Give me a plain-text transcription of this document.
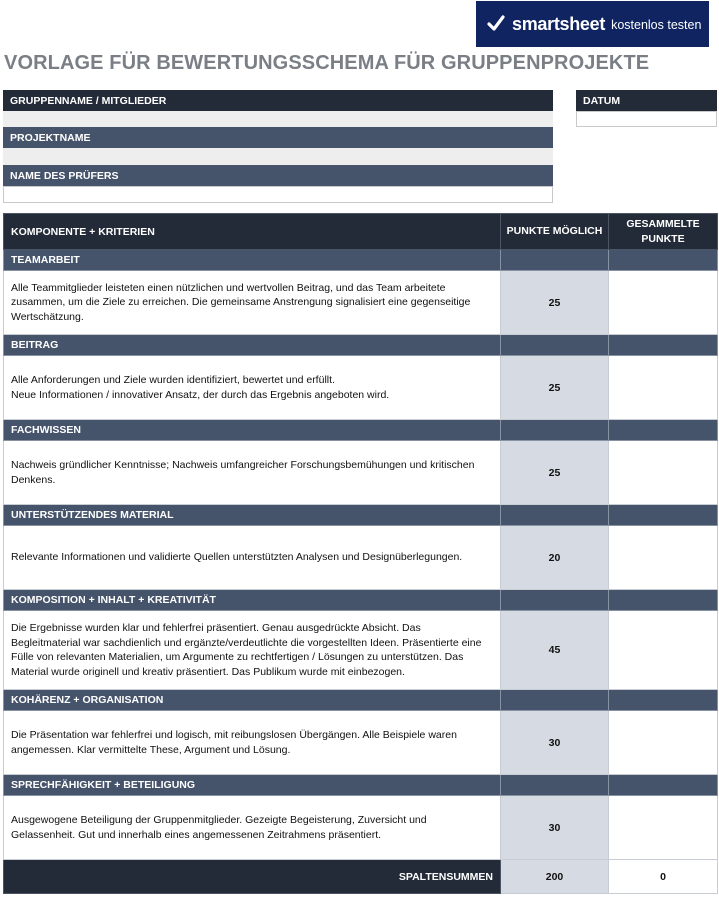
smartsheet kostenlos testen
VORLAGE FÜR BEWERTUNGSSCHEMA FÜR GRUPPENPROJEKTE
GRUPPENNAME / MITGLIEDER
PROJEKTNAME
NAME DES PRÜFERS
DATUM
KOMPONENTE + KRITERIEN	PUNKTE MÖGLICH	GESAMMELTE PUNKTE
TEAMARBEIT		
Alle Teammitglieder leisteten einen nützlichen und wertvollen Beitrag, und das Team arbeitete zusammen, um die Ziele zu erreichen. Die gemeinsame Anstrengung signalisiert eine gegenseitige Wertschätzung.	25	
BEITRAG		

Alle Anforderungen und Ziele wurden identifiziert, bewertet und erfüllt.
Neue Informationen / innovativer Ansatz, der durch das Ergebnis angeboten wird.	25	
FACHWISSEN		
Nachweis gründlicher Kenntnisse; Nachweis umfangreicher Forschungsbemühungen und kritischen Denkens.	25	
UNTERSTÜTZENDES MATERIAL		
Relevante Informationen und validierte Quellen unterstützten Analysen und Designüberlegungen.	20	
KOMPOSITION + INHALT + KREATIVITÄT		
Die Ergebnisse wurden klar und fehlerfrei präsentiert. Genau ausgedrückte Absicht. Das Begleitmaterial war sachdienlich und ergänzte/verdeutlichte die vorgestellten Ideen. Präsentierte eine Fülle von relevanten Materialien, um Argumente zu rechtfertigen / Lösungen zu unterstützen. Das Material wurde originell und kreativ präsentiert. Das Publikum wurde mit einbezogen.	45	
KOHÄRENZ + ORGANISATION		
Die Präsentation war fehlerfrei und logisch, mit reibungslosen Übergängen. Alle Beispiele waren angemessen. Klar vermittelte These, Argument und Lösung.	30	
SPRECHFÄHIGKEIT + BETEILIGUNG		
Ausgewogene Beteiligung der Gruppenmitglieder. Gezeigte Begeisterung, Zuversicht und Gelassenheit. Gut und innerhalb eines angemessenen Zeitrahmens präsentiert.	30	
SPALTENSUMMEN	200	0
